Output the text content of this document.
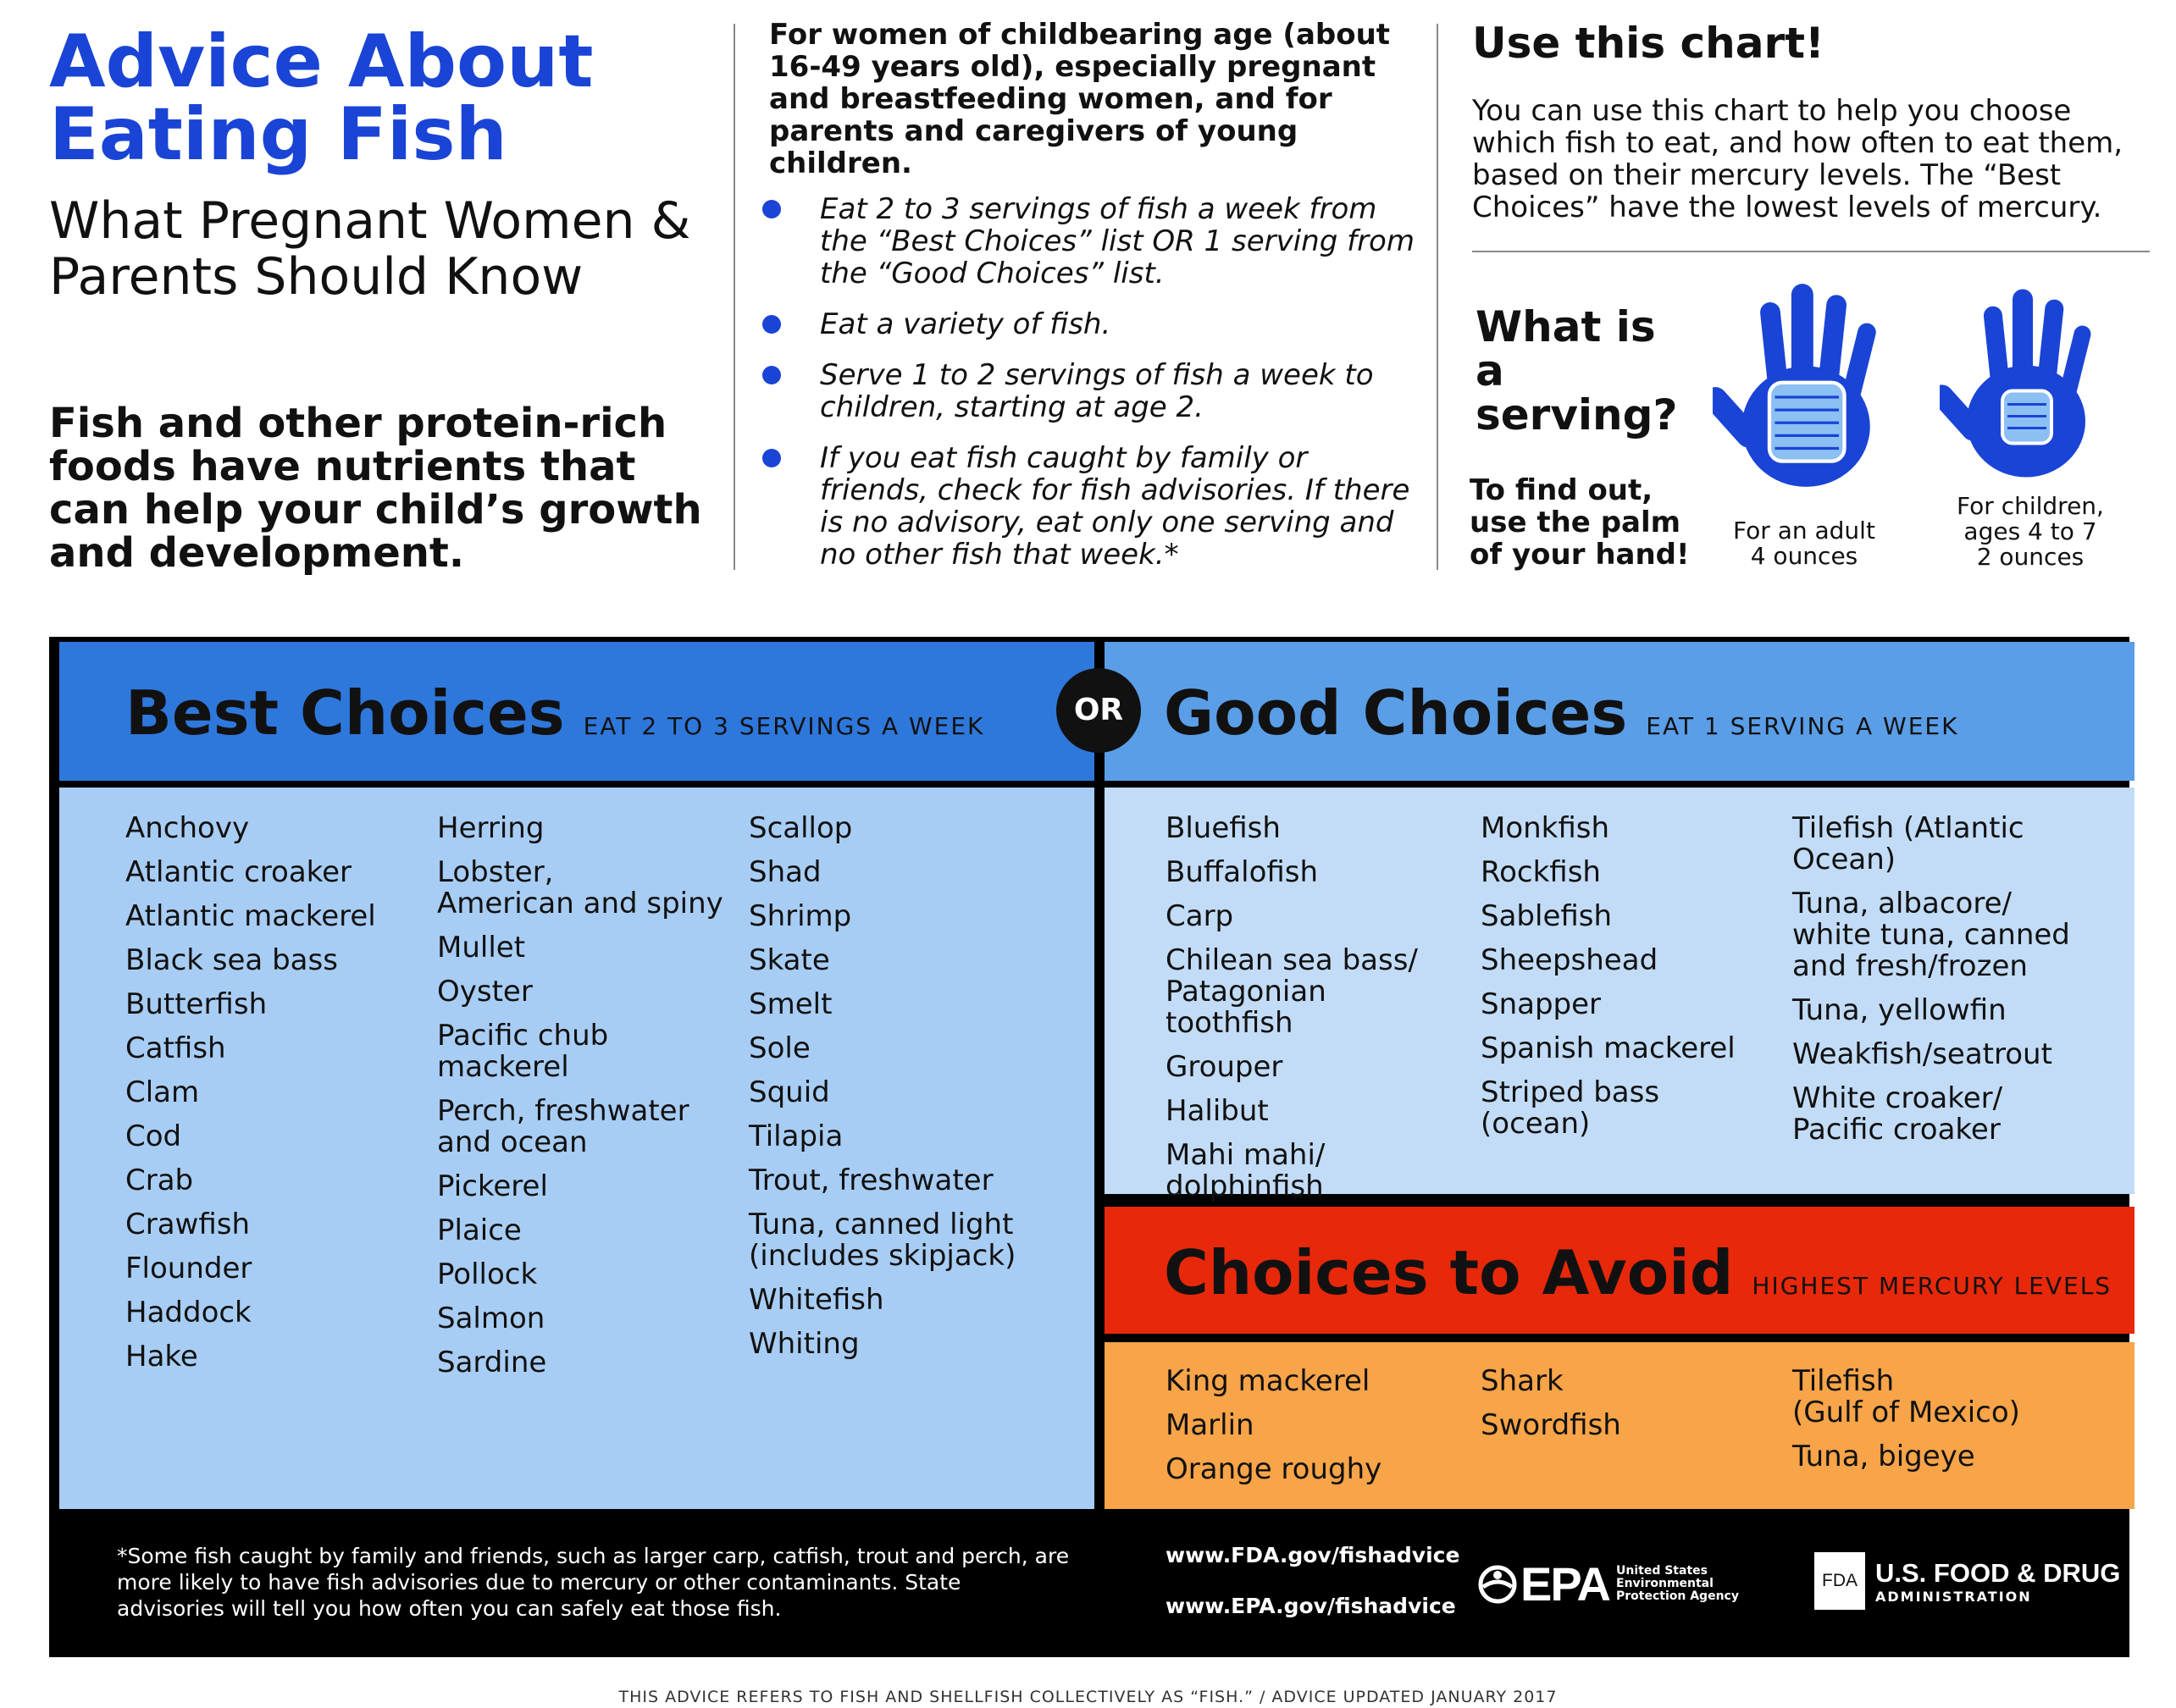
Advice About Eating Fish
What Pregnant Women & Parents Should Know
Fish and other protein-rich foods have nutrients that can help your child’s growth and development.
For women of childbearing age (about 16-49 years old), especially pregnant and breastfeeding women, and for parents and caregivers of young children.
Eat 2 to 3 servings of fish a week from the “Best Choices” list OR 1 serving from the “Good Choices” list.
Eat a variety of fish.
Serve 1 to 2 servings of fish a week to children, starting at age 2.
If you eat fish caught by family or friends, check for fish advisories. If there is no advisory, eat only one serving and no other fish that week.*
Use this chart!
You can use this chart to help you choose which fish to eat, and how often to eat them, based on their mercury levels. The “Best Choices” have the lowest levels of mercury.
What is a serving?
To find out, use the palm of your hand!
For an adult
4 ounces
For children,
ages 4 to 7
2 ounces
Best Choices EAT 2 TO 3 SERVINGS A WEEK	Good Choices EAT 1 SERVING A WEEK
OR
Anchovy
Atlantic croaker
Atlantic mackerel
Black sea bass
Butterfish
Catfish
Clam
Cod
Crab
Crawfish
Flounder
Haddock
Hake
Herring
Lobster,
American and spiny
Mullet
Oyster
Pacific chub
mackerel
Perch, freshwater
and ocean
Pickerel
Plaice
Pollock
Salmon
Sardine
Scallop
Shad
Shrimp
Skate
Smelt
Sole
Squid
Tilapia
Trout, freshwater
Tuna, canned light
(includes skipjack)
Whitefish
Whiting
Bluefish
Buffalofish
Carp
Chilean sea bass/
Patagonian toothfish
Grouper
Halibut
Mahi mahi/
dolphinfish
Monkfish
Rockfish
Sablefish
Sheepshead
Snapper
Spanish mackerel
Striped bass
(ocean)
Tilefish (Atlantic
Ocean)
Tuna, albacore/
white tuna, canned
and fresh/frozen
Tuna, yellowfin
Weakfish/seatrout
White croaker/
Pacific croaker
Choices to Avoid HIGHEST MERCURY LEVELS
King mackerel
Marlin
Orange roughy
Shark
Swordfish
Tilefish
(Gulf of Mexico)
Tuna, bigeye
*Some fish caught by family and friends, such as larger carp, catfish, trout and perch, are more likely to have fish advisories due to mercury or other contaminants. State advisories will tell you how often you can safely eat those fish.
www.FDA.gov/fishadvice
www.EPA.gov/fishadvice EPA United States Environmental Protection Agency
FDA U.S. FOOD & DRUG
ADMINISTRATION
THIS ADVICE REFERS TO FISH AND SHELLFISH COLLECTIVELY AS “FISH.” / ADVICE UPDATED JANUARY 2017
